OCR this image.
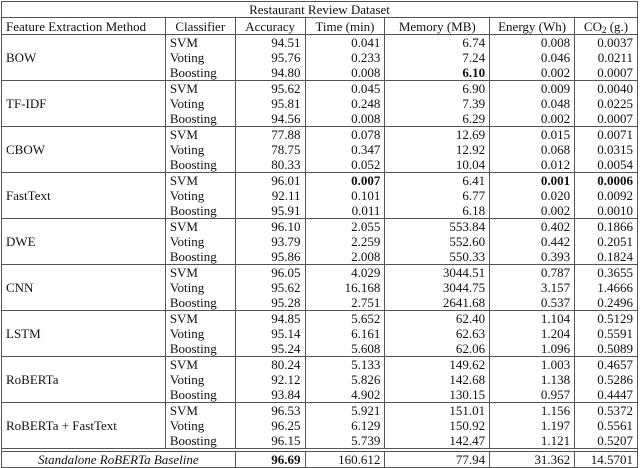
Restaurant Review Dataset						
Feature Extraction Method	Classifier	Accuracy	Time (min)	Memory (MB)	Energy (Wh)	$CO_2$ (g.)
BOW	SVM	94.51	0.041	6.74	0.008	0.0037
	Voting	95.76	0.233	7.24	0.046	0.0211
	Boosting	94.80	0.008	6.10	0.002	0.0007
TF-IDF	SVM	95.62	0.045	6.90	0.009	0.0040
	Voting	95.81	0.248	7.39	0.048	0.0225
	Boosting	94.56	0.008	6.29	0.002	0.0007
CBOW	SVM	77.88	0.078	12.69	0.015	0.0071
	Voting	78.75	0.347	12.92	0.068	0.0315
	Boosting	80.33	0.052	10.04	0.012	0.0054
FastText	SVM	96.01	0.007	6.41	0.001	0.0006
	Voting	92.11	0.101	6.77	0.020	0.0092
	Boosting	95.91	0.011	6.18	0.002	0.0010
DWE	SVM	96.10	2.055	553.84	0.402	0.1866
	Voting	93.79	2.259	552.60	0.442	0.2051
	Boosting	95.86	2.008	550.33	0.393	0.1824
CNN	SVM	96.05	4.029	3044.51	0.787	0.3655
	Voting	95.62	16.168	3044.75	3.157	1.4666
	Boosting	95.28	2.751	2641.68	0.537	0.2496
LSTM	SVM	94.85	5.652	62.40	1.104	0.5129
	Voting	95.14	6.161	62.63	1.204	0.5591
	Boosting	95.24	5.608	62.06	1.096	0.5089
RoBERTa	SVM	80.24	5.133	149.62	1.003	0.4657
	Voting	92.12	5.826	142.68	1.138	0.5286
	Boosting	93.84	4.902	130.15	0.957	0.4447
RoBERTa + FastText	SVM	96.53	5.921	151.01	1.156	0.5372
	Voting	96.25	6.129	150.92	1.197	0.5561
	Boosting	96.15	5.739	142.47	1.121	0.5207

Standalone RoBERTa Baseline		96.69	160.612	77.94	31.362	14.5701
